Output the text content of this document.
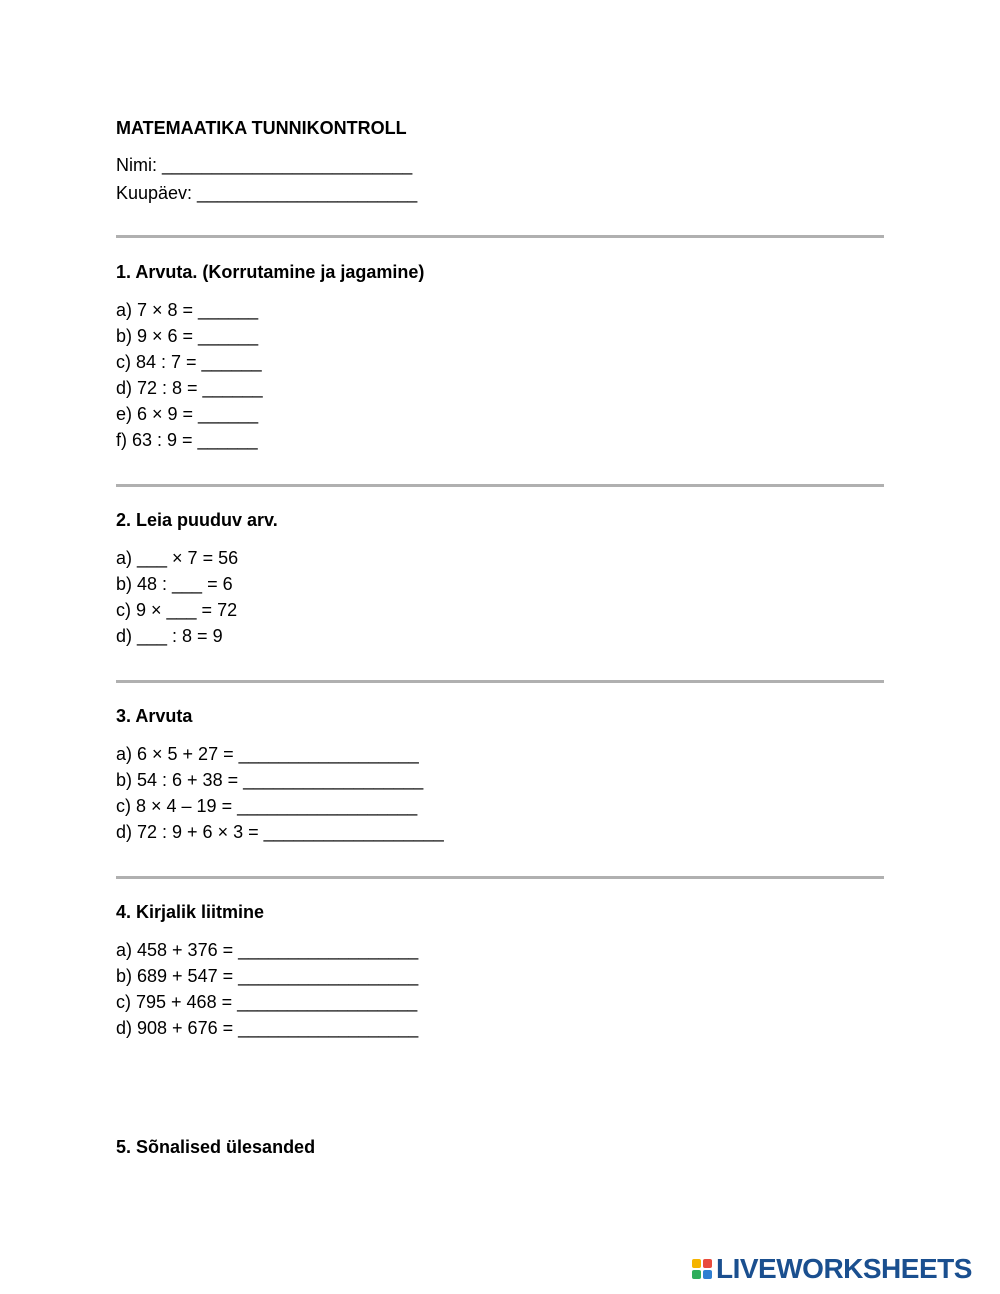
MATEMAATIKA TUNNIKONTROLL
Nimi: _________________________
Kuupäev: ______________________
1. Arvuta. (Korrutamine ja jagamine)
a) 7 × 8 = ______
b) 9 × 6 = ______
c) 84 : 7 = ______
d) 72 : 8 = ______
e) 6 × 9 = ______
f) 63 : 9 = ______
2. Leia puuduv arv.
a) ___ × 7 = 56
b) 48 : ___ = 6
c) 9 × ___ = 72
d) ___ : 8 = 9
3. Arvuta
a) 6 × 5 + 27 = __________________
b) 54 : 6 + 38 = __________________
c) 8 × 4 – 19 = __________________
d) 72 : 9 + 6 × 3 = __________________
4. Kirjalik liitmine
a) 458 + 376 = __________________
b) 689 + 547 = __________________
c) 795 + 468 = __________________
d) 908 + 676 = __________________
5. Sõnalised ülesanded
LIVEWORKSHEETS
